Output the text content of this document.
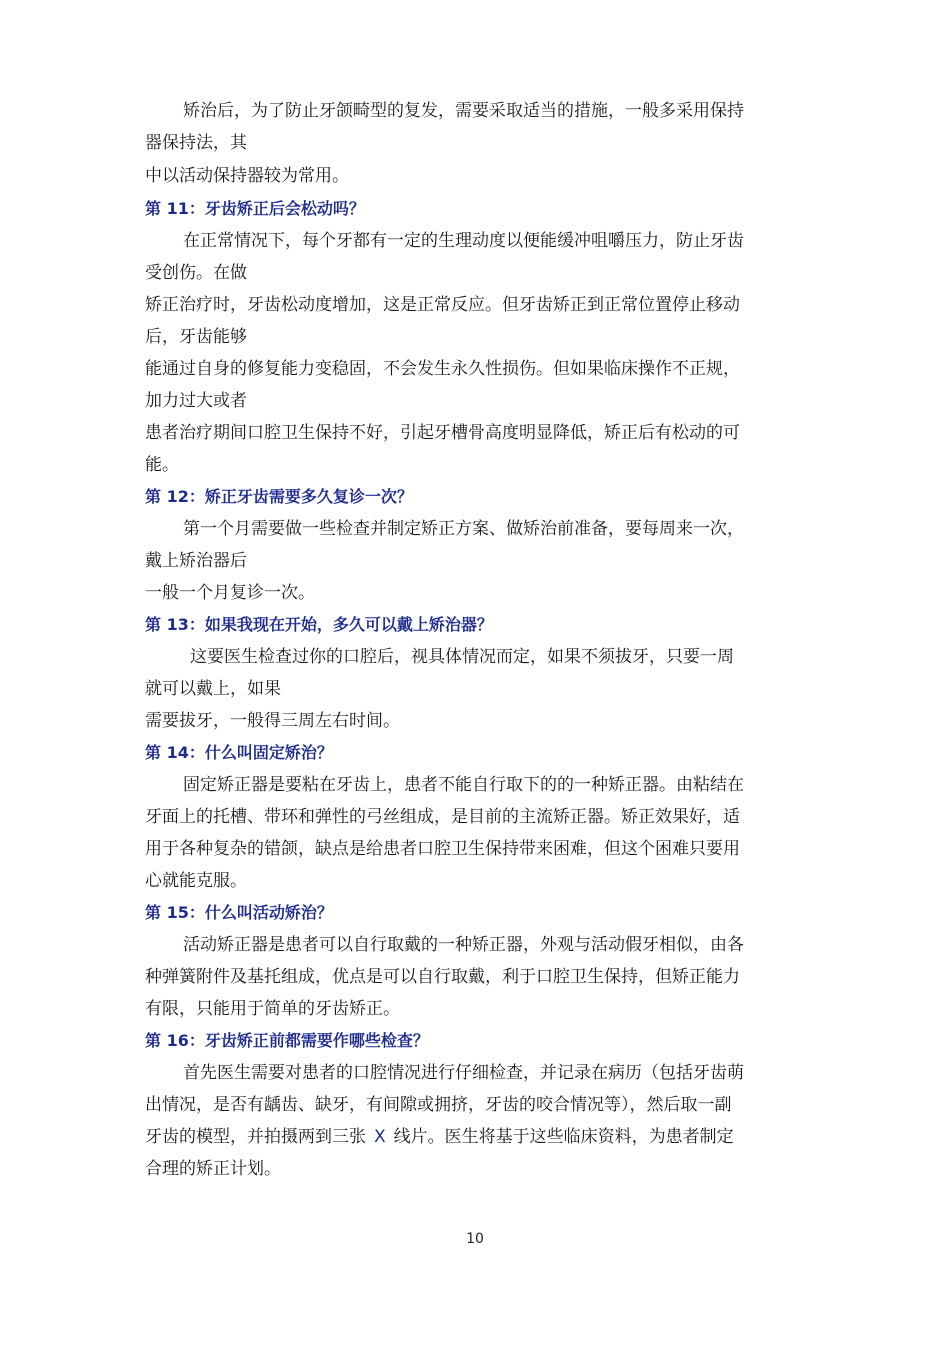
矫治后，为了防止牙颌畸型的复发，需要采取适当的措施，一般多采用保持

器保持法，其

中以活动保持器较为常用。

第 11：牙齿矫正后会松动吗？

在正常情况下，每个牙都有一定的生理动度以便能缓冲咀嚼压力，防止牙齿

受创伤。在做

矫正治疗时，牙齿松动度增加，这是正常反应。但牙齿矫正到正常位置停止移动

后，牙齿能够

能通过自身的修复能力变稳固，不会发生永久性损伤。但如果临床操作不正规，

加力过大或者

患者治疗期间口腔卫生保持不好，引起牙槽骨高度明显降低，矫正后有松动的可

能。

第 12：矫正牙齿需要多久复诊一次？

第一个月需要做一些检查并制定矫正方案、做矫治前准备，要每周来一次，

戴上矫治器后

一般一个月复诊一次。

第 13：如果我现在开始，多久可以戴上矫治器？

这要医生检查过你的口腔后，视具体情况而定，如果不须拔牙，只要一周

就可以戴上，如果

需要拔牙，一般得三周左右时间。

第 14：什么叫固定矫治？

固定矫正器是要粘在牙齿上，患者不能自行取下的的一种矫正器。由粘结在

牙面上的托槽、带环和弹性的弓丝组成，是目前的主流矫正器。矫正效果好，适

用于各种复杂的错颌，缺点是给患者口腔卫生保持带来困难，但这个困难只要用

心就能克服。

第 15：什么叫活动矫治？

活动矫正器是患者可以自行取戴的一种矫正器，外观与活动假牙相似，由各

种弹簧附件及基托组成，优点是可以自行取戴，利于口腔卫生保持，但矫正能力

有限，只能用于简单的牙齿矫正。

第 16：牙齿矫正前都需要作哪些检查？

首先医生需要对患者的口腔情况进行仔细检查，并记录在病历（包括牙齿萌

出情况，是否有龋齿、缺牙，有间隙或拥挤，牙齿的咬合情况等），然后取一副

牙齿的模型，并拍摄两到三张 X 线片。医生将基于这些临床资料，为患者制定

合理的矫正计划。

10
